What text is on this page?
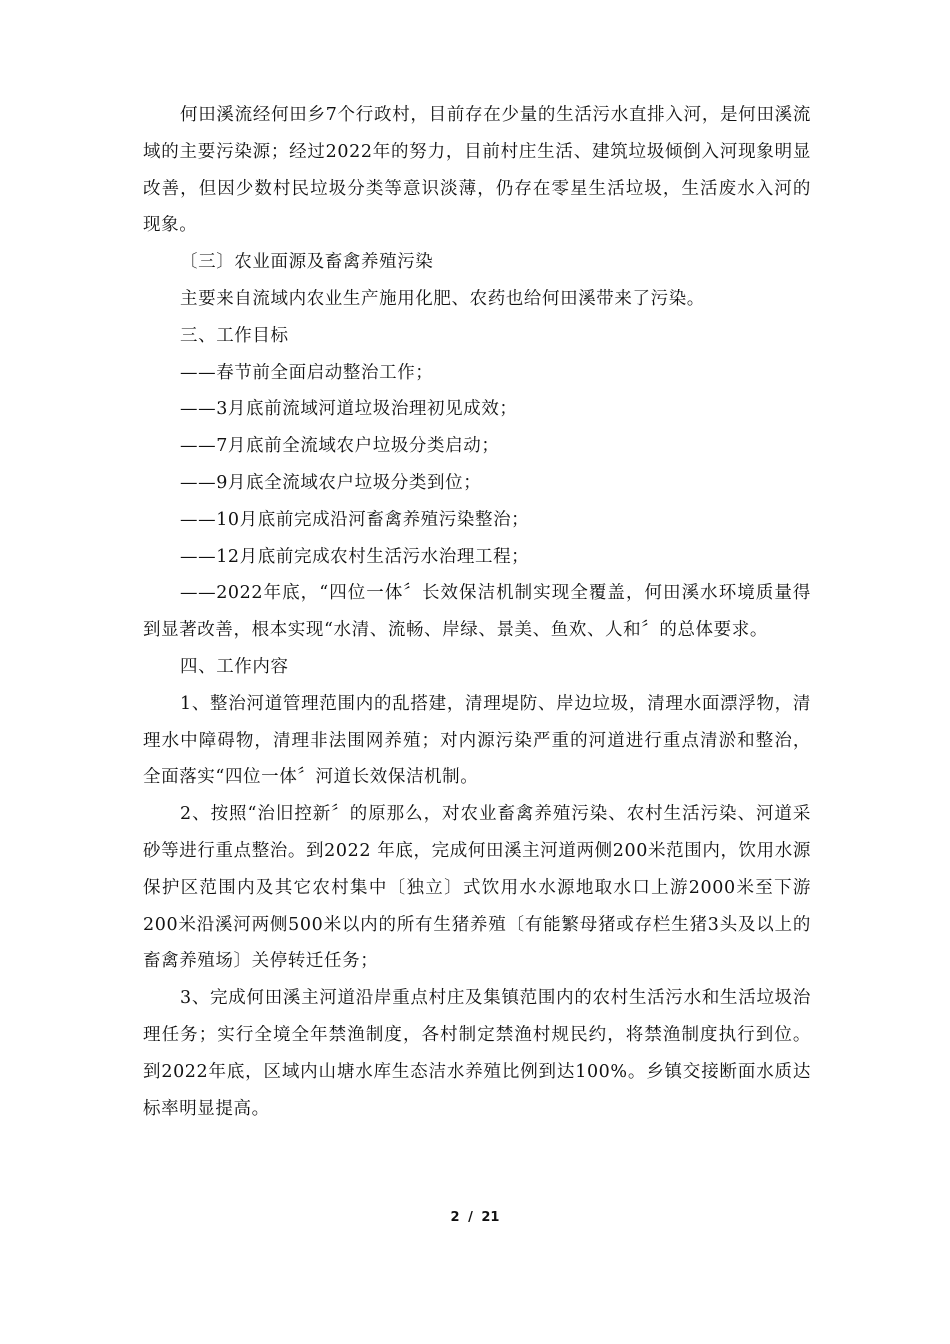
何田溪流经何田乡7个行政村，目前存在少量的生活污水直排入河，是何田溪流域的主要污染源；经过2022年的努力，目前村庄生活、建筑垃圾倾倒入河现象明显改善，但因少数村民垃圾分类等意识淡薄，仍存在零星生活垃圾，生活废水入河的现象。

〔三〕农业面源及畜禽养殖污染

主要来自流域内农业生产施用化肥、农药也给何田溪带来了污染。

三、工作目标

——春节前全面启动整治工作；

——3月底前流域河道垃圾治理初见成效；

——7月底前全流域农户垃圾分类启动；

——9月底全流域农户垃圾分类到位；

——10月底前完成沿河畜禽养殖污染整治；

——12月底前完成农村生活污水治理工程；

——2022年底，“四位一体〞长效保洁机制实现全覆盖，何田溪水环境质量得到显著改善，根本实现“水清、流畅、岸绿、景美、鱼欢、人和〞的总体要求。

四、工作内容

1、整治河道管理范围内的乱搭建，清理堤防、岸边垃圾，清理水面漂浮物，清理水中障碍物，清理非法围网养殖；对内源污染严重的河道进行重点清淤和整治，全面落实“四位一体〞河道长效保洁机制。

2、按照“治旧控新〞的原那么，对农业畜禽养殖污染、农村生活污染、河道采砂等进行重点整治。到2022 年底，完成何田溪主河道两侧200米范围内，饮用水源保护区范围内及其它农村集中〔独立〕式饮用水水源地取水口上游2000米至下游200米沿溪河两侧500米以内的所有生猪养殖〔有能繁母猪或存栏生猪3头及以上的畜禽养殖场〕关停转迁任务；

3、完成何田溪主河道沿岸重点村庄及集镇范围内的农村生活污水和生活垃圾治理任务；实行全境全年禁渔制度，各村制定禁渔村规民约，将禁渔制度执行到位。到2022年底，区域内山塘水库生态洁水养殖比例到达100%。乡镇交接断面水质达标率明显提高。

2 / 21
